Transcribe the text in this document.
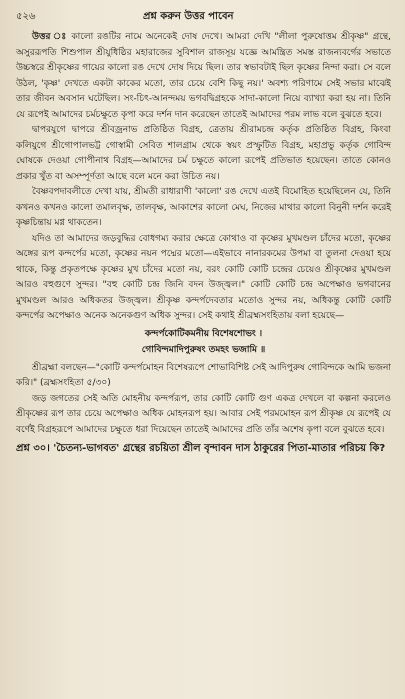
৫২৬	প্রশ্ন করুন উত্তর পাবেন

উত্তর ঃ কালো রঙটির নামে অনেকেই দোষ দেখে। আমরা দেখি "লীলা পুরুষোত্তম শ্রীকৃষ্ণ" গ্রন্থে, অসুররূপতি শিশুপাল শ্রীযুধিষ্ঠির মহারাজের সুবিশাল রাজসূয় যজ্ঞে আমন্ত্রিত সমস্ত রাজন্যবর্গের সভাতে উচ্চস্বরে শ্রীকৃষ্ণের গায়ের কালো রঙ দেখে দোষ দিয়ে ছিল। তার স্বভাবটাই ছিল কৃষ্ণের নিন্দা করা। সে বলে উঠল, 'কৃষ্ণ' দেখতে একটা কাকের মতো, তার চেয়ে বেশি কিছু নয়।' অবশ্য পরিণামে সেই সভার মাঝেই তার জীবন অবসান ঘটেছিল। সং-চিৎ-আনন্দময় ভগবদ্বিগ্রহকে সাদা-কালো নিয়ে ব্যাখ্যা করা হয় না। তিনি যে রূপেই আমাদের চর্মচক্ষুতে কৃপা করে দর্শন দান করেছেন তাতেই আমাদের পরম লাভ বলে বুঝতে হবে।

দ্বাপরযুগে দ্বাপরে শ্রীবজ্রনাভ প্রতিষ্ঠিত বিগ্রহ, ত্রেতায় শ্রীরামচন্দ্র কর্তৃক প্রতিষ্ঠিত বিগ্রহ, কিংবা কলিযুগে শ্রীগোপালভট্ট গোস্বামী সেবিত শালগ্রাম থেকে স্বয়ং প্রস্ফুটিত বিগ্রহ, মহাপ্রভু কর্তৃক গোবিন্দ ঘোষকে দেওয়া গোপীনাথ বিগ্রহ—আমাদের চর্ম চক্ষুতে কালো রূপেই প্রতিভাত হয়েছেন। তাতে কোনও প্রকার খুঁত বা অসম্পূর্ণতা আছে বলে মনে করা উচিত নয়।

বৈষ্ণবপদাবলীতে দেখা যায়, শ্রীমতী রাধারাণী 'কালো' রঙ দেখে এতই বিমোহিত হয়েছিলেন যে, তিনি কখনও কখনও কালো তমালবৃক্ষ, তালবৃক্ষ, আকাশের কালো মেঘ, নিজের মাথার কালো বিনুনী দর্শন করেই কৃষ্ণচিন্তায় মগ্ন থাকতেন।

যদিও তা আমাদের জড়বুদ্ধির বোধগম্য করার ক্ষেত্রে কোথাও বা কৃষ্ণের মুখমণ্ডল চাঁদের মতো, কৃষ্ণের অঙ্গের রূপ কন্দর্পের মতো, কৃষ্ণের নয়ন পদ্মের মতো—এইভাবে নানারকমের উপমা বা তুলনা দেওয়া হয়ে থাকে, কিন্তু প্রকৃতপক্ষে কৃষ্ণের মুখ চাঁদের মতো নয়, বরং কোটি কোটি চন্দ্রের চেয়েও শ্রীকৃষ্ণের মুখমণ্ডল আরও বহুগুণে সুন্দর। "বহু কোটি চন্দ্র জিনি বদন উজ্জ্বল।" কোটি কোটি চন্দ্র অপেক্ষাও ভগবানের মুখমণ্ডল আরও অধিকতর উজ্জ্বল। শ্রীকৃষ্ণ কন্দর্পদেবতার মতোও সুন্দর নয়, অধিকন্তু কোটি কোটি কন্দর্পের অপেক্ষাও অনেক অনেকগুণ অধিক সুন্দর। সেই কথাই শ্রীব্রহ্মসংহিতায় বলা হয়েছে—

কন্দর্পকোটিকমনীয় বিশেষশোভং ।
গোবিন্দমাদিপুরুষং তমহং ভজামি ॥

শ্রীব্রহ্মা বলছেন—"কোটি কন্দর্পমোহন বিশেষরূপে শোভাবিশিষ্ট সেই আদিপুরুষ গোবিন্দকে আমি ভজনা করি।" (ব্রহ্মসংহিতা ৫/৩০)

জড় জগতের সেই অতি মোহনীয় কন্দর্পরূপ, তার কোটি কোটি গুণ একত্র দেখলে বা কল্পনা করলেও শ্রীকৃষ্ণের রূপ তার চেয়ে অপেক্ষাও অধিক মোহনরূপ হয়। আবার সেই পরমমোহন রূপ শ্রীকৃষ্ণ যে রূপেই যে বর্ণেই বিগ্রহরূপে আমাদের চক্ষুতে ধরা দিয়েছেন তাতেই আমাদের প্রতি তাঁর অশেষ কৃপা বলে বুঝতে হবে।

প্রশ্ন ৩০। 'চৈতন্য-ভাগবত' গ্রন্থের রচয়িতা শ্রীল বৃন্দাবন দাস ঠাকুরের পিতা-মাতার পরিচয় কি?
